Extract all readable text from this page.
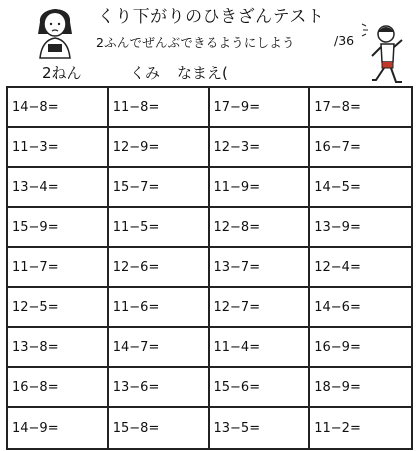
くり下がりのひきざんテスト
2ふんでぜんぶできるようにしよう	/36
2ねん	くみ なまえ(
14−8=	11−8=	17−9=	17−8=
11−3=	12−9=	12−3=	16−7=
13−4=	15−7=	11−9=	14−5=
15−9=	11−5=	12−8=	13−9=
11−7=	12−6=	13−7=	12−4=
12−5=	11−6=	12−7=	14−6=
13−8=	14−7=	11−4=	16−9=
16−8=	13−6=	15−6=	18−9=
14−9=	15−8=	13−5=	11−2=
